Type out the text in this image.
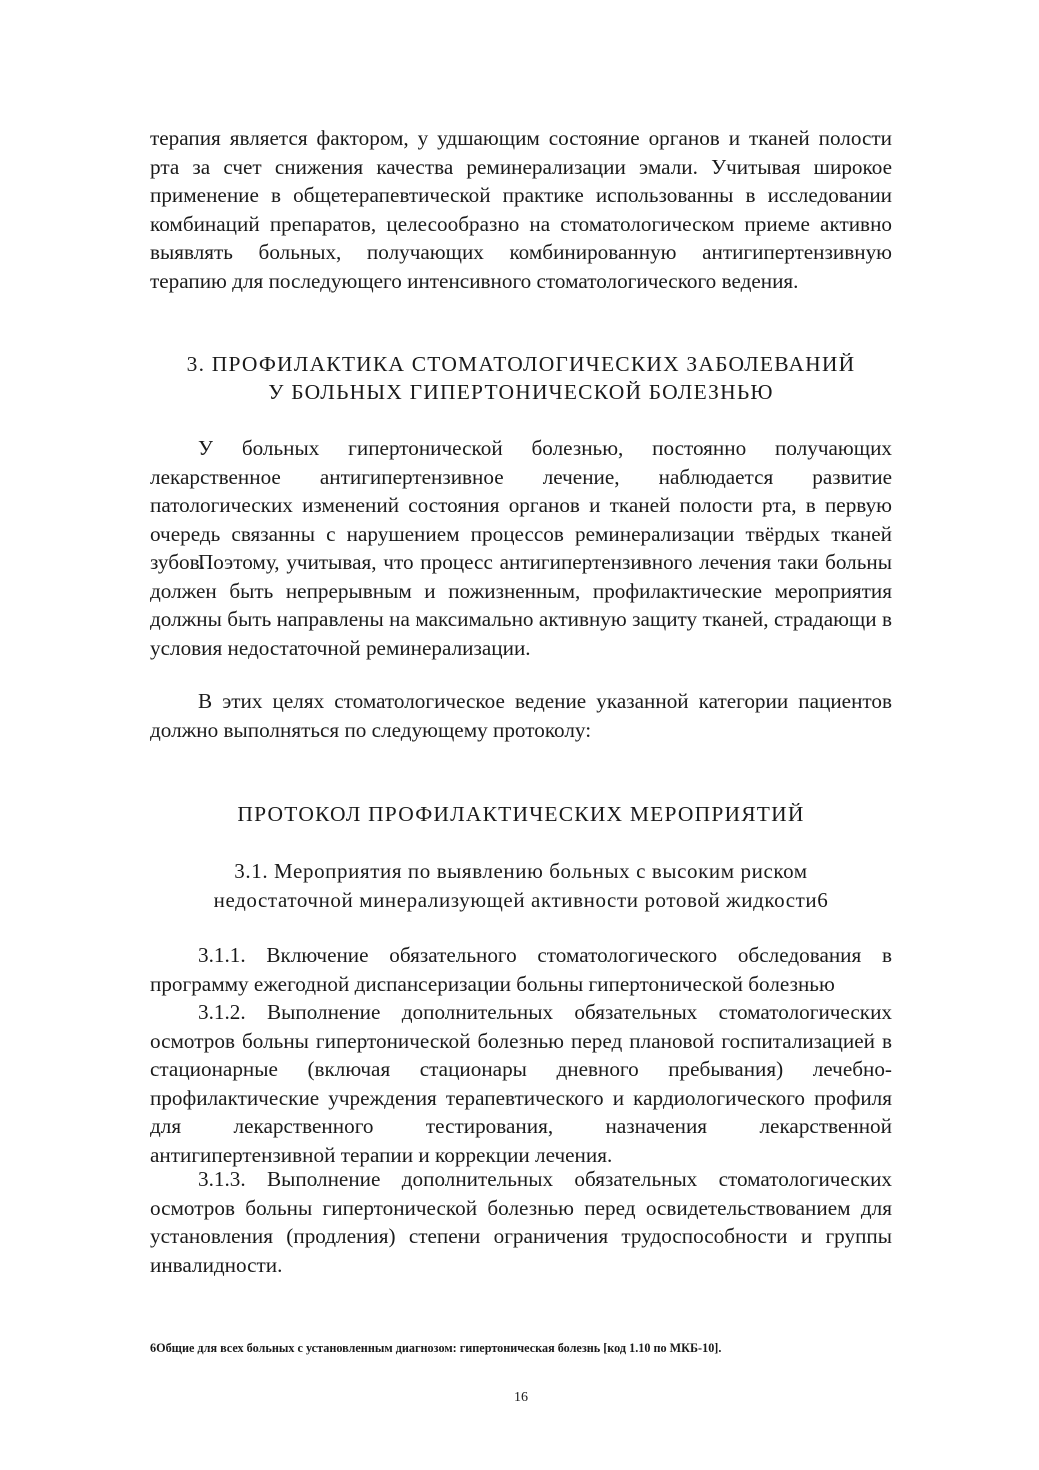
терапия является фактором, у удшающим состояние органов и тканей полости рта за счет снижения качества реминерализации эмали. Учитывая широкое применение в общетерапевтической практике использованны в исследовании комбинаций препаратов, целесообразно на стоматологическом приеме активно выявлять больных, получающих комбинированную антигипертензивную терапию для последующего интенсивного стоматологического ведения.

3. ПРОФИЛАКТИКА СТОМАТОЛОГИЧЕСКИХ ЗАБОЛЕВАНИЙ

У БОЛЬНЫХ ГИПЕРТОНИЧЕСКОЙ БОЛЕЗНЬЮ

У больных гипертонической болезнью, постоянно получающих лекарственное антигипертензивное лечение, наблюдается развитие патологических изменений состояния органов и тканей полости рта, в первую очередь связанны с нарушением процессов реминерализации твёрдых тканей зубов.

Поэтому, учитывая, что процесс антигипертензивного лечения таки больны должен быть непрерывным и пожизненным, профилактические мероприятия должны быть направлены на максимально активную защиту тканей, страдающи в условия недостаточной реминерализации.

В этих целях стоматологическое ведение указанной категории пациентов должно выполняться по следующему протоколу:

ПРОТОКОЛ ПРОФИЛАКТИЧЕСКИХ МЕРОПРИЯТИЙ

3.1. Мероприятия по выявлению больных с высоким риском

недостаточной минерализующей активности ротовой жидкости6

3.1.1. Включение обязательного стоматологического обследования в программу ежегодной диспансеризации больны гипертонической болезнью

3.1.2. Выполнение дополнительных обязательных стоматологических осмотров больны гипертонической болезнью перед плановой госпитализацией в стационарные (включая стационары дневного пребывания) лечебно-профилактические учреждения терапевтического и кардиологического профиля для лекарственного тестирования, назначения лекарственной антигипертензивной терапии и коррекции лечения.

3.1.3. Выполнение дополнительных обязательных стоматологических осмотров больны гипертонической болезнью перед освидетельствованием для установления (продления) степени ограничения трудоспособности и группы инвалидности.

6Общие для всех больных с установленным диагнозом: гипертоническая болезнь [код 1.10 по МКБ-10].

16
